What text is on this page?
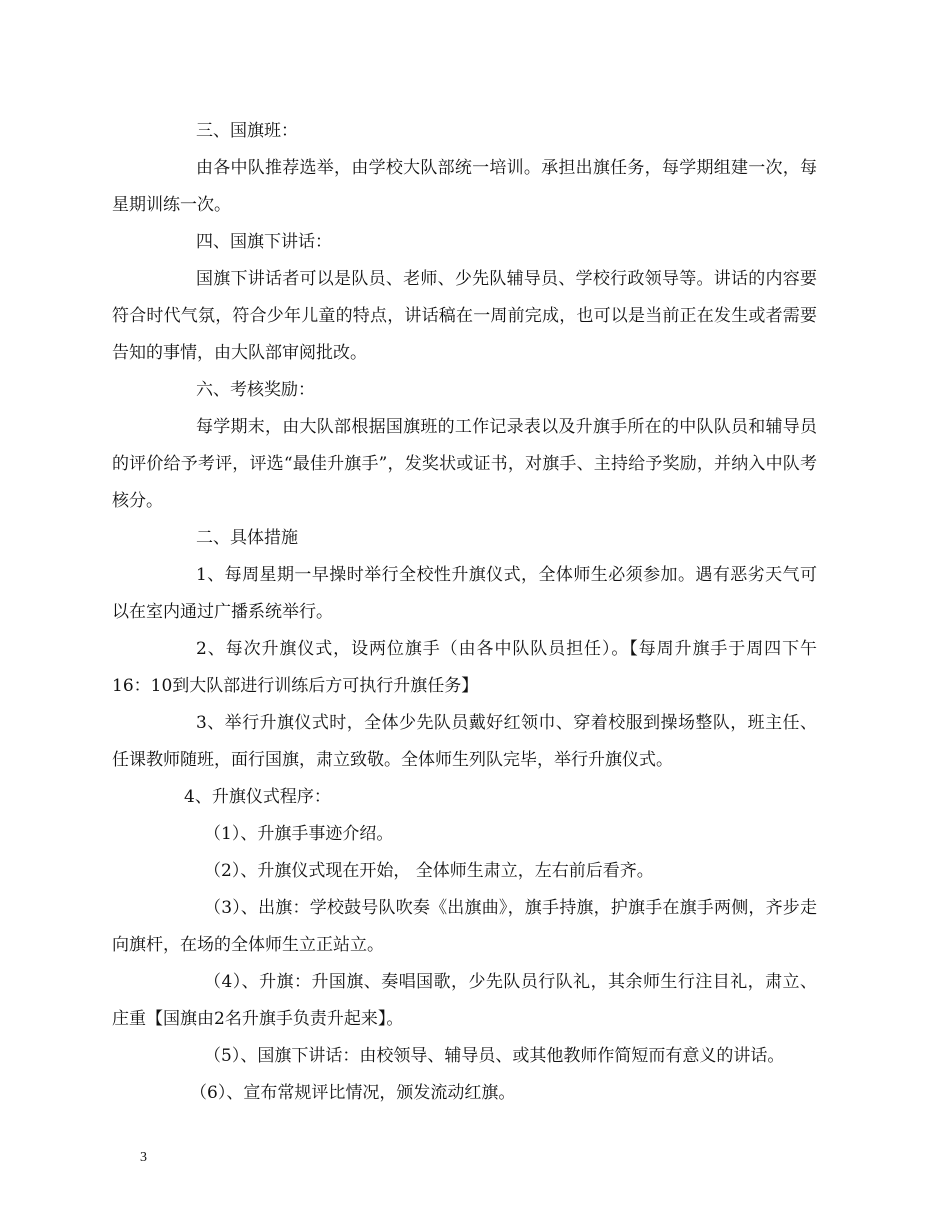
三、国旗班：

由各中队推荐选举，由学校大队部统一培训。承担出旗任务，每学期组建一次，每星期训练一次。

四、国旗下讲话：

国旗下讲话者可以是队员、老师、少先队辅导员、学校行政领导等。讲话的内容要符合时代气氛，符合少年儿童的特点，讲话稿在一周前完成，也可以是当前正在发生或者需要告知的事情，由大队部审阅批改。

六、考核奖励：

每学期末，由大队部根据国旗班的工作记录表以及升旗手所在的中队队员和辅导员的评价给予考评，评选“最佳升旗手”，发奖状或证书，对旗手、主持给予奖励，并纳入中队考核分。

二、具体措施

1、每周星期一早操时举行全校性升旗仪式，全体师生必须参加。遇有恶劣天气可以在室内通过广播系统举行。

2、每次升旗仪式，设两位旗手（由各中队队员担任）。【每周升旗手于周四下午16：10到大队部进行训练后方可执行升旗任务】

3、举行升旗仪式时，全体少先队员戴好红领巾、穿着校服到操场整队，班主任、任课教师随班，面行国旗，肃立致敬。全体师生列队完毕，举行升旗仪式。

4、升旗仪式程序：

（1）、升旗手事迹介绍。

（2）、升旗仪式现在开始， 全体师生肃立，左右前后看齐。

（3）、出旗：学校鼓号队吹奏《出旗曲》，旗手持旗，护旗手在旗手两侧，齐步走向旗杆，在场的全体师生立正站立。

（4）、升旗：升国旗、奏唱国歌，少先队员行队礼，其余师生行注目礼，肃立、庄重【国旗由2名升旗手负责升起来】。

（5）、国旗下讲话：由校领导、辅导员、或其他教师作简短而有意义的讲话。

（6）、宣布常规评比情况，颁发流动红旗。

3
